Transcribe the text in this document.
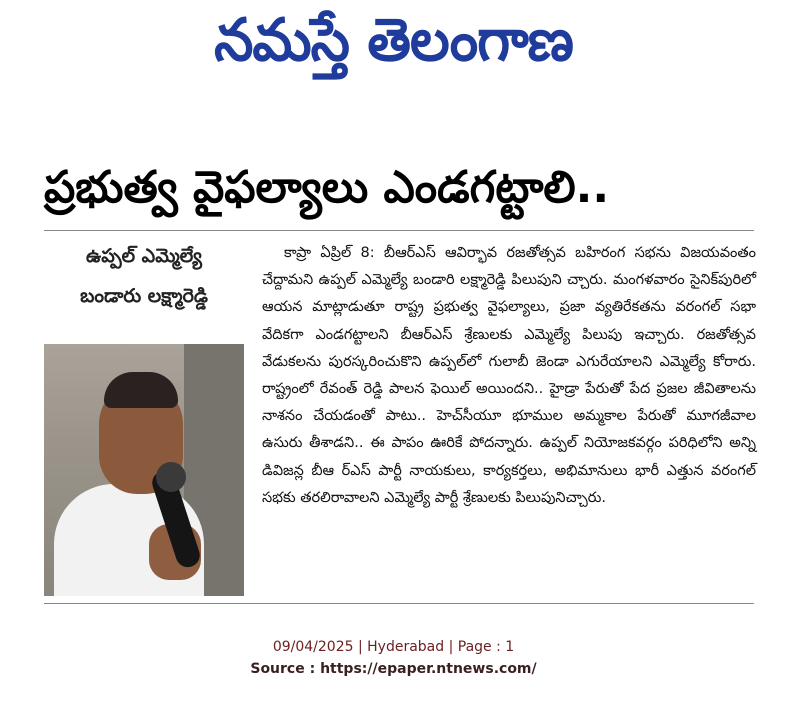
నమస్తే తెలంగాణ
ప్రభుత్వ వైఫల్యాలు ఎండగట్టాలి..
ఉప్పల్ ఎమ్మెల్యే
బండారు లక్ష్మారెడ్డి

కాప్రా ఏప్రిల్ 8: బీఆర్ఎస్ ఆవిర్భావ రజతోత్సవ బహిరంగ సభను విజయవంతం చేద్దామని ఉప్పల్ ఎమ్మెల్యే బండారి లక్ష్మారెడ్డి పిలుపుని చ్చారు. మంగళవారం సైనిక్‌పురిలో ఆయన మాట్లాడుతూ రాష్ట్ర ప్రభుత్వ వైఫల్యాలు, ప్రజా వ్యతిరేకతను వరంగల్ సభా వేదికగా ఎండగట్టాలని బీఆర్ఎస్ శ్రేణులకు ఎమ్మెల్యే పిలుపు ఇచ్చారు. రజతోత్సవ వేడుకలను పురస్కరించుకొని ఉప్పల్‌లో గులాబీ జెండా ఎగురేయాలని ఎమ్మెల్యే కోరారు. రాష్ట్రంలో రేవంత్ రెడ్డి పాలన ఫెయిల్ అయిందని.. హైడ్రా పేరుతో పేద ప్రజల జీవితాలను నాశనం చేయడంతో పాటు.. హెచ్‌సీయూ భూముల అమ్మకాల పేరుతో మూగజీవాల ఉసురు తీశాడని.. ఈ పాపం ఊరికే పోదన్నారు. ఉప్పల్ నియోజకవర్గం పరిధిలోని అన్ని డివిజన్ల బీఆ ర్ఎస్ పార్టీ నాయకులు, కార్యకర్తలు, అభిమానులు భారీ ఎత్తున వరంగల్ సభకు తరలిరావాలని ఎమ్మెల్యే పార్టీ శ్రేణులకు పిలుపునిచ్చారు.

09/04/2025 | Hyderabad | Page : 1
Source : https://epaper.ntnews.com/
